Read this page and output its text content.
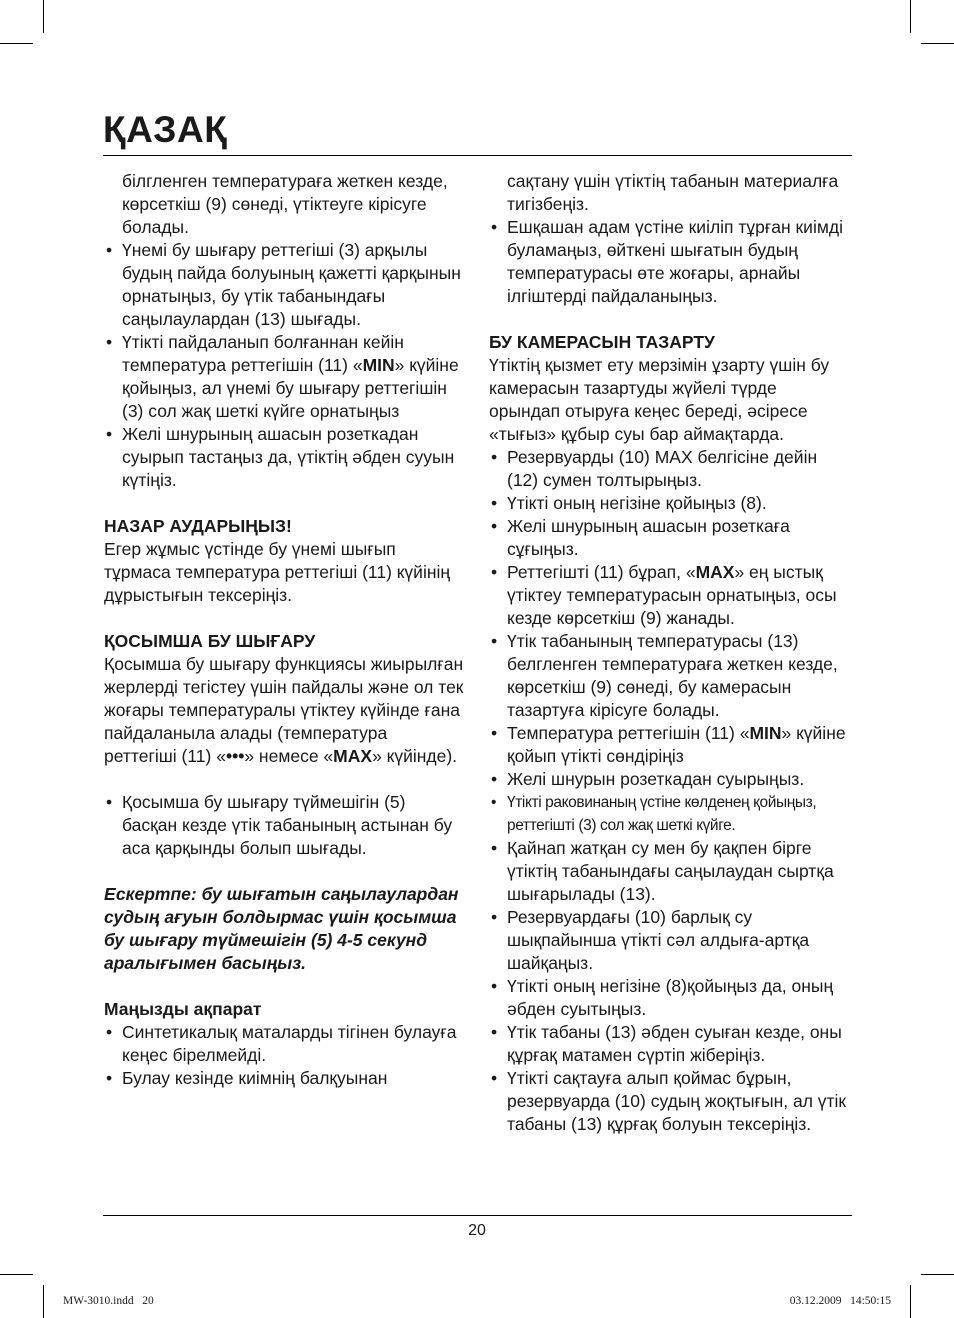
ҚАЗАҚ

білгленген температураға жеткен кезде, көрсеткіш (9) сөнеді, үтіктеуге кірісуге болады.

• Үнемі бу шығару реттегіші (3) арқылы будың пайда болуының қажетті қарқынын орнатыңыз, бу үтік табанындағы саңылаулардан (13) шығады.
• Үтікті пайдаланып болғаннан кейін температура реттегішін (11) «MIN» күйіне қойыңыз, ал үнемі бу шығару реттегішін (3) сол жақ шеткі күйге орнатыңыз
• Желі шнурының ашасын розеткадан суырып тастаңыз да, үтіктің әбден сууын күтіңіз.

НАЗАР АУДАРЫҢЫЗ!

Егер жұмыс үстінде бу үнемі шығып тұрмаса температура реттегіші (11) күйінің дұрыстығын тексеріңіз.

ҚОСЫМША БУ ШЫҒАРУ

Қосымша бу шығару функциясы жиырылған жерлерді тегістеу үшін пайдалы және ол тек жоғары температуралы үтіктеу күйінде ғана пайдаланыла алады (температура реттегіші (11) «•••» немесе «MAX» күйінде).

• Қосымша бу шығару түймешігін (5) басқан кезде үтік табанының астынан бу аса қарқынды болып шығады.

Ескертпе: бу шығатын саңылаулардан судың ағуын болдырмас үшін қосымша бу шығару түймешігін (5) 4-5 секунд аралығымен басыңыз.

Маңызды ақпарат

• Синтетикалық маталарды тігінен булауға кеңес бірелмейді.
• Булау кезінде киімнің балқуынан

сақтану үшін үтіктің табанын материалға тигізбеңіз.

• Ешқашан адам үстіне киіліп тұрған киімді буламаңыз, өйткені шығатын будың температурасы өте жоғары, арнайы ілгіштерді пайдаланыңыз.

БУ КАМЕРАСЫН ТАЗАРТУ

Үтіктің қызмет ету мерзімін ұзарту үшін бу камерасын тазартуды жүйелі түрде орындап отыруға кеңес береді, әсіресе «тығыз» құбыр суы бар аймақтарда.

• Резервуарды (10) MAX белгісіне дейін (12) сумен толтырыңыз.
• Үтікті оның негізіне қойыңыз (8).
• Желі шнурының ашасын розеткаға сұғыңыз.
• Реттегішті (11) бұрап, «MAX» ең ыстық үтіктеу температурасын орнатыңыз, осы кезде көрсеткіш (9) жанады.
• Үтік табанының температурасы (13) белгленген температураға жеткен кезде, көрсеткіш (9) сөнеді, бу камерасын тазартуға кірісуге болады.
• Температура реттегішін (11) «MIN» күйіне қойып үтікті сөндіріңіз
• Желі шнурын розеткадан суырыңыз.
• Үтікті раковинаның үстіне көлденең қойыңыз, реттегішті (3) сол жақ шеткі күйге.
• Қайнап жатқан су мен бу қақпен бірге үтіктің табанындағы саңылаудан сыртқа шығарылады (13).
• Резервуардағы (10) барлық су шықпайынша үтікті сәл алдыға-артқа шайқаңыз.
• Үтікті оның негізіне (8)қойыңыз да, оның әбден суытыңыз.
• Үтік табаны (13) әбден суыған кезде, оны құрғақ матамен сүртіп жіберіңіз.
• Үтікті сақтауға алып қоймас бұрын, резервуарда (10) судың жоқтығын, ал үтік табаны (13) құрғақ болуын тексеріңіз.
20
MW-3010.indd   20	03.12.2009   14:50:15
